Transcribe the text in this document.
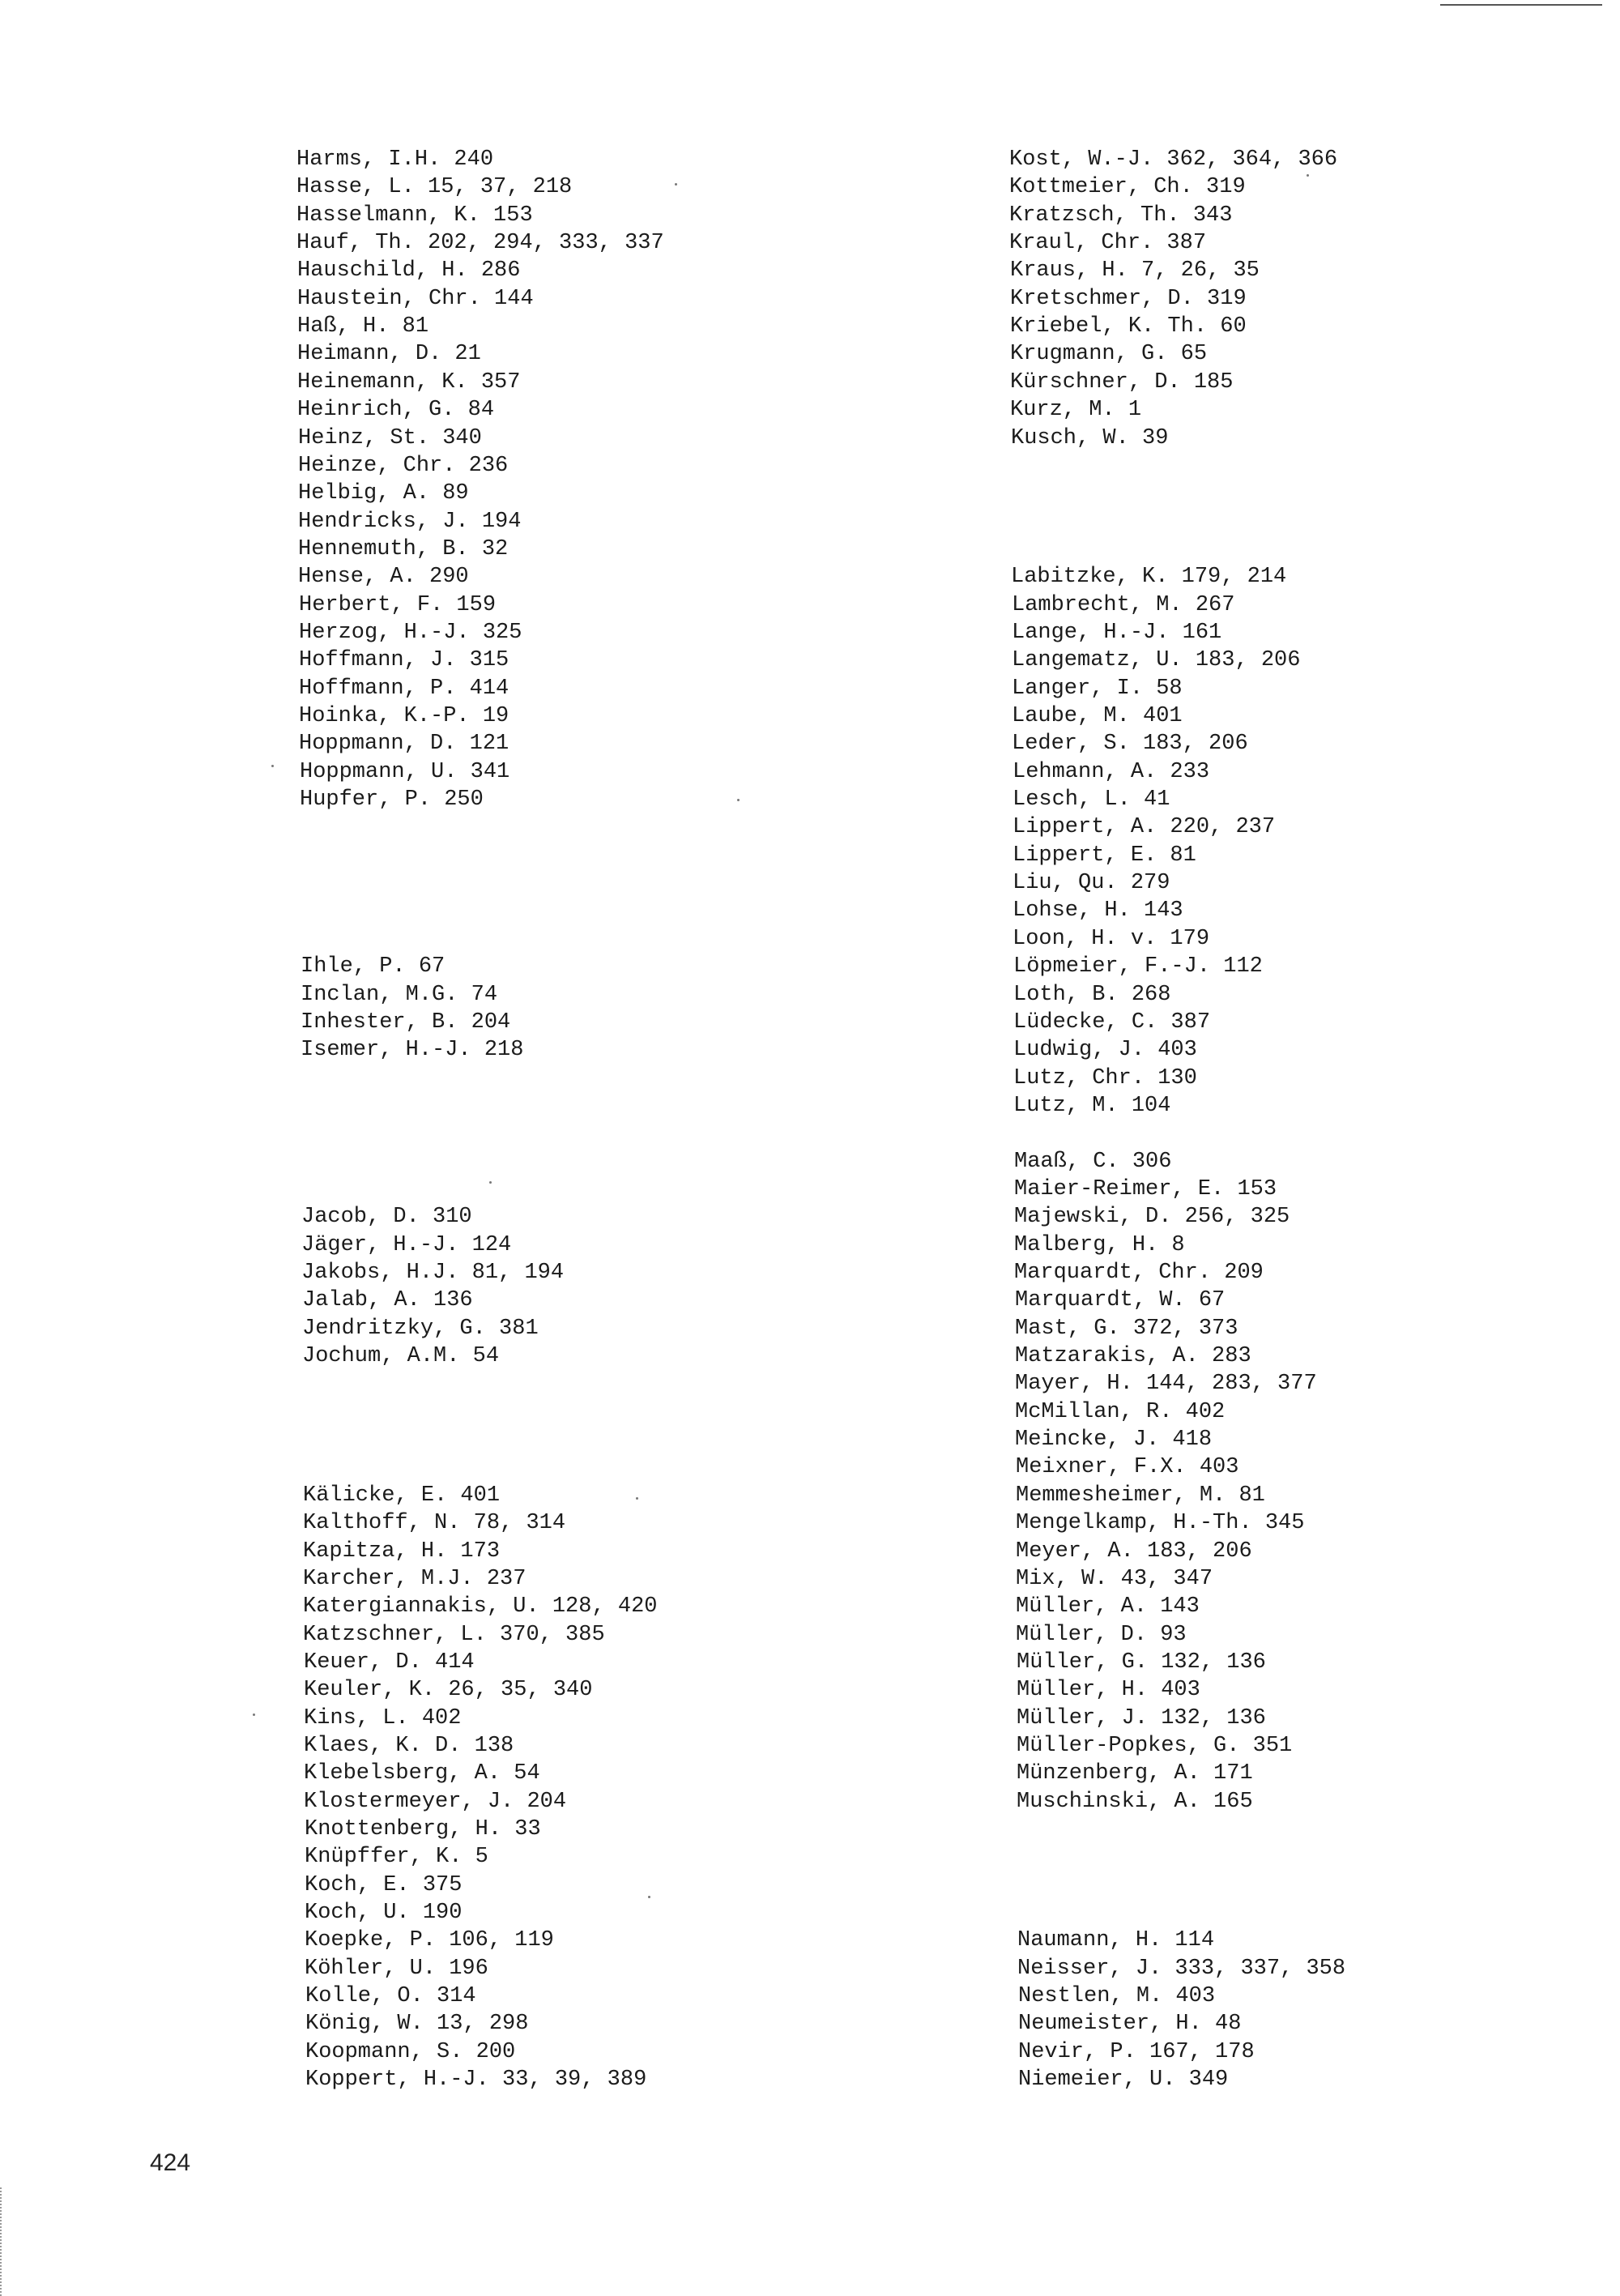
Harms, I.H. 240
Hasse, L. 15, 37, 218
Hasselmann, K. 153
Hauf, Th. 202, 294, 333, 337
Hauschild, H. 286
Haustein, Chr. 144
Haß, H. 81
Heimann, D. 21
Heinemann, K. 357
Heinrich, G. 84
Heinz, St. 340
Heinze, Chr. 236
Helbig, A. 89
Hendricks, J. 194
Hennemuth, B. 32
Hense, A. 290
Herbert, F. 159
Herzog, H.-J. 325
Hoffmann, J. 315
Hoffmann, P. 414
Hoinka, K.-P. 19
Hoppmann, D. 121
Hoppmann, U. 341
Hupfer, P. 250
Ihle, P. 67
Inclan, M.G. 74
Inhester, B. 204
Isemer, H.-J. 218
Jacob, D. 310
Jäger, H.-J. 124
Jakobs, H.J. 81, 194
Jalab, A. 136
Jendritzky, G. 381
Jochum, A.M. 54
Kälicke, E. 401
Kalthoff, N. 78, 314
Kapitza, H. 173
Karcher, M.J. 237
Katergiannakis, U. 128, 420
Katzschner, L. 370, 385
Keuer, D. 414
Keuler, K. 26, 35, 340
Kins, L. 402
Klaes, K. D. 138
Klebelsberg, A. 54
Klostermeyer, J. 204
Knottenberg, H. 33
Knüpffer, K. 5
Koch, E. 375
Koch, U. 190
Koepke, P. 106, 119
Köhler, U. 196
Kolle, O. 314
König, W. 13, 298
Koopmann, S. 200
Koppert, H.-J. 33, 39, 389
Kost, W.-J. 362, 364, 366
Kottmeier, Ch. 319
Kratzsch, Th. 343
Kraul, Chr. 387
Kraus, H. 7, 26, 35
Kretschmer, D. 319
Kriebel, K. Th. 60
Krugmann, G. 65
Kürschner, D. 185
Kurz, M. 1
Kusch, W. 39
Labitzke, K. 179, 214
Lambrecht, M. 267
Lange, H.-J. 161
Langematz, U. 183, 206
Langer, I. 58
Laube, M. 401
Leder, S. 183, 206
Lehmann, A. 233
Lesch, L. 41
Lippert, A. 220, 237
Lippert, E. 81
Liu, Qu. 279
Lohse, H. 143
Loon, H. v. 179
Löpmeier, F.-J. 112
Loth, B. 268
Lüdecke, C. 387
Ludwig, J. 403
Lutz, Chr. 130
Lutz, M. 104
Maaß, C. 306
Maier-Reimer, E. 153
Majewski, D. 256, 325
Malberg, H. 8
Marquardt, Chr. 209
Marquardt, W. 67
Mast, G. 372, 373
Matzarakis, A. 283
Mayer, H. 144, 283, 377
McMillan, R. 402
Meincke, J. 418
Meixner, F.X. 403
Memmesheimer, M. 81
Mengelkamp, H.-Th. 345
Meyer, A. 183, 206
Mix, W. 43, 347
Müller, A. 143
Müller, D. 93
Müller, G. 132, 136
Müller, H. 403
Müller, J. 132, 136
Müller-Popkes, G. 351
Münzenberg, A. 171
Muschinski, A. 165
Naumann, H. 114
Neisser, J. 333, 337, 358
Nestlen, M. 403
Neumeister, H. 48
Nevir, P. 167, 178
Niemeier, U. 349
424
